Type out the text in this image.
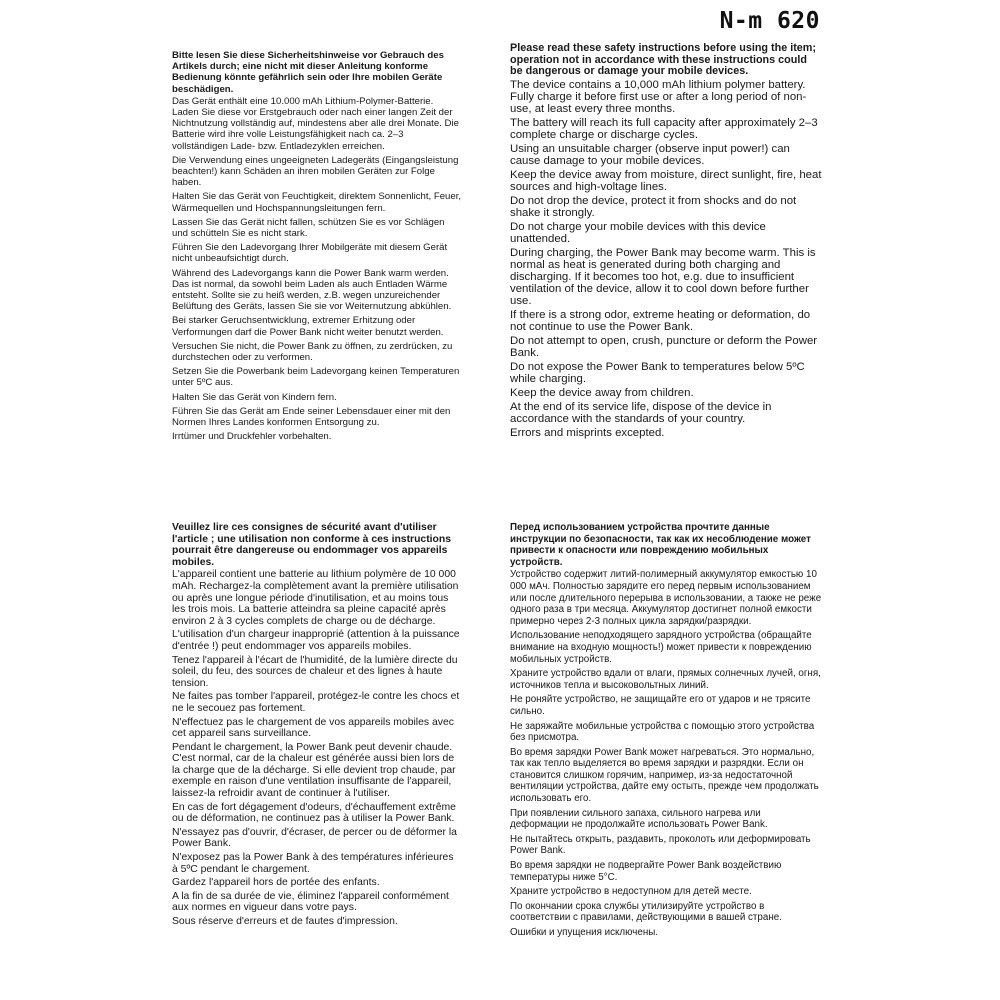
N-m 620
Bitte lesen Sie diese Sicherheitshinweise vor Gebrauch des Artikels durch; eine nicht mit dieser Anleitung konforme Bedienung könnte gefährlich sein oder Ihre mobilen Geräte beschädigen.
Das Gerät enthält eine 10.000 mAh Lithium-Polymer-Batterie. Laden Sie diese vor Erstgebrauch oder nach einer langen Zeit der Nichtnutzung vollständig auf, mindestens aber alle drei Monate. Die Batterie wird ihre volle Leistungsfähigkeit nach ca. 2–3 vollständigen Lade- bzw. Entladezyklen erreichen.
Die Verwendung eines ungeeigneten Ladegeräts (Eingangsleistung beachten!) kann Schäden an ihren mobilen Geräten zur Folge haben.
Halten Sie das Gerät von Feuchtigkeit, direktem Sonnenlicht, Feuer, Wärmequellen und Hochspannungsleitungen fern.
Lassen Sie das Gerät nicht fallen, schützen Sie es vor Schlägen und schütteln Sie es nicht stark.
Führen Sie den Ladevorgang Ihrer Mobilgeräte mit diesem Gerät nicht unbeaufsichtigt durch.
Während des Ladevorgangs kann die Power Bank warm werden. Das ist normal, da sowohl beim Laden als auch Entladen Wärme entsteht. Sollte sie zu heiß werden, z.B. wegen unzureichender Belüftung des Geräts, lassen Sie sie vor Weiternutzung abkühlen.
Bei starker Geruchsentwicklung, extremer Erhitzung oder Verformungen darf die Power Bank nicht weiter benutzt werden.
Versuchen Sie nicht, die Power Bank zu öffnen, zu zerdrücken, zu durchstechen oder zu verformen.
Setzen Sie die Powerbank beim Ladevorgang keinen Temperaturen unter 5ºC aus.
Halten Sie das Gerät von Kindern fern.
Führen Sie das Gerät am Ende seiner Lebensdauer einer mit den Normen Ihres Landes konformen Entsorgung zu.
Irrtümer und Druckfehler vorbehalten.
Please read these safety instructions before using the item; operation not in accordance with these instructions could be dangerous or damage your mobile devices.
The device contains a 10,000 mAh lithium polymer battery. Fully charge it before first use or after a long period of non-use, at least every three months.
The battery will reach its full capacity after approximately 2–3 complete charge or discharge cycles.
Using an unsuitable charger (observe input power!) can cause damage to your mobile devices.
Keep the device away from moisture, direct sunlight, fire, heat sources and high-voltage lines.
Do not drop the device, protect it from shocks and do not shake it strongly.
Do not charge your mobile devices with this device unattended.
During charging, the Power Bank may become warm. This is normal as heat is generated during both charging and discharging. If it becomes too hot, e.g. due to insufficient ventilation of the device, allow it to cool down before further use.
If there is a strong odor, extreme heating or deformation, do not continue to use the Power Bank.
Do not attempt to open, crush, puncture or deform the Power Bank.
Do not expose the Power Bank to temperatures below 5ºC while charging.
Keep the device away from children.
At the end of its service life, dispose of the device in accordance with the standards of your country.
Errors and misprints excepted.
Veuillez lire ces consignes de sécurité avant d'utiliser l'article ; une utilisation non conforme à ces instructions pourrait être dangereuse ou endommager vos appareils mobiles.
L'appareil contient une batterie au lithium polymère de 10 000 mAh. Rechargez-la complètement avant la première utilisation ou après une longue période d'inutilisation, et au moins tous les trois mois. La batterie atteindra sa pleine capacité après environ 2 à 3 cycles complets de charge ou de décharge.
L'utilisation d'un chargeur inapproprié (attention à la puissance d'entrée !) peut endommager vos appareils mobiles.
Tenez l'appareil à l'écart de l'humidité, de la lumière directe du soleil, du feu, des sources de chaleur et des lignes à haute tension.
Ne faites pas tomber l'appareil, protégez-le contre les chocs et ne le secouez pas fortement.
N'effectuez pas le chargement de vos appareils mobiles avec cet appareil sans surveillance.
Pendant le chargement, la Power Bank peut devenir chaude. C'est normal, car de la chaleur est générée aussi bien lors de la charge que de la décharge. Si elle devient trop chaude, par exemple en raison d'une ventilation insuffisante de l'appareil, laissez-la refroidir avant de continuer à l'utiliser.
En cas de fort dégagement d'odeurs, d'échauffement extrême ou de déformation, ne continuez pas à utiliser la Power Bank.
N'essayez pas d'ouvrir, d'écraser, de percer ou de déformer la Power Bank.
N'exposez pas la Power Bank à des températures inférieures à 5ºC pendant le chargement.
Gardez l'appareil hors de portée des enfants.
A la fin de sa durée de vie, éliminez l'appareil conformément aux normes en vigueur dans votre pays.
Sous réserve d'erreurs et de fautes d'impression.
Перед использованием устройства прочтите данные инструкции по безопасности, так как их несоблюдение может привести к опасности или повреждению мобильных устройств.
Устройство содержит литий-полимерный аккумулятор емкостью 10 000 мАч. Полностью зарядите его перед первым использованием или после длительного перерыва в использовании, а также не реже одного раза в три месяца. Аккумулятор достигнет полной емкости примерно через 2-3 полных цикла зарядки/разрядки.
Использование неподходящего зарядного устройства (обращайте внимание на входную мощность!) может привести к повреждению мобильных устройств.
Храните устройство вдали от влаги, прямых солнечных лучей, огня, источников тепла и высоковольтных линий.
Не роняйте устройство, не защищайте его от ударов и не трясите сильно.
Не заряжайте мобильные устройства с помощью этого устройства без присмотра.
Во время зарядки Power Bank может нагреваться. Это нормально, так как тепло выделяется во время зарядки и разрядки. Если он становится слишком горячим, например, из-за недостаточной вентиляции устройства, дайте ему остыть, прежде чем продолжать использовать его.
При появлении сильного запаха, сильного нагрева или деформации не продолжайте использовать Power Bank.
Не пытайтесь открыть, раздавить, проколоть или деформировать Power Bank.
Во время зарядки не подвергайте Power Bank воздействию температуры ниже 5°C.
Храните устройство в недоступном для детей месте.
По окончании срока службы утилизируйте устройство в соответствии с правилами, действующими в вашей стране.
Ошибки и упущения исключены.
